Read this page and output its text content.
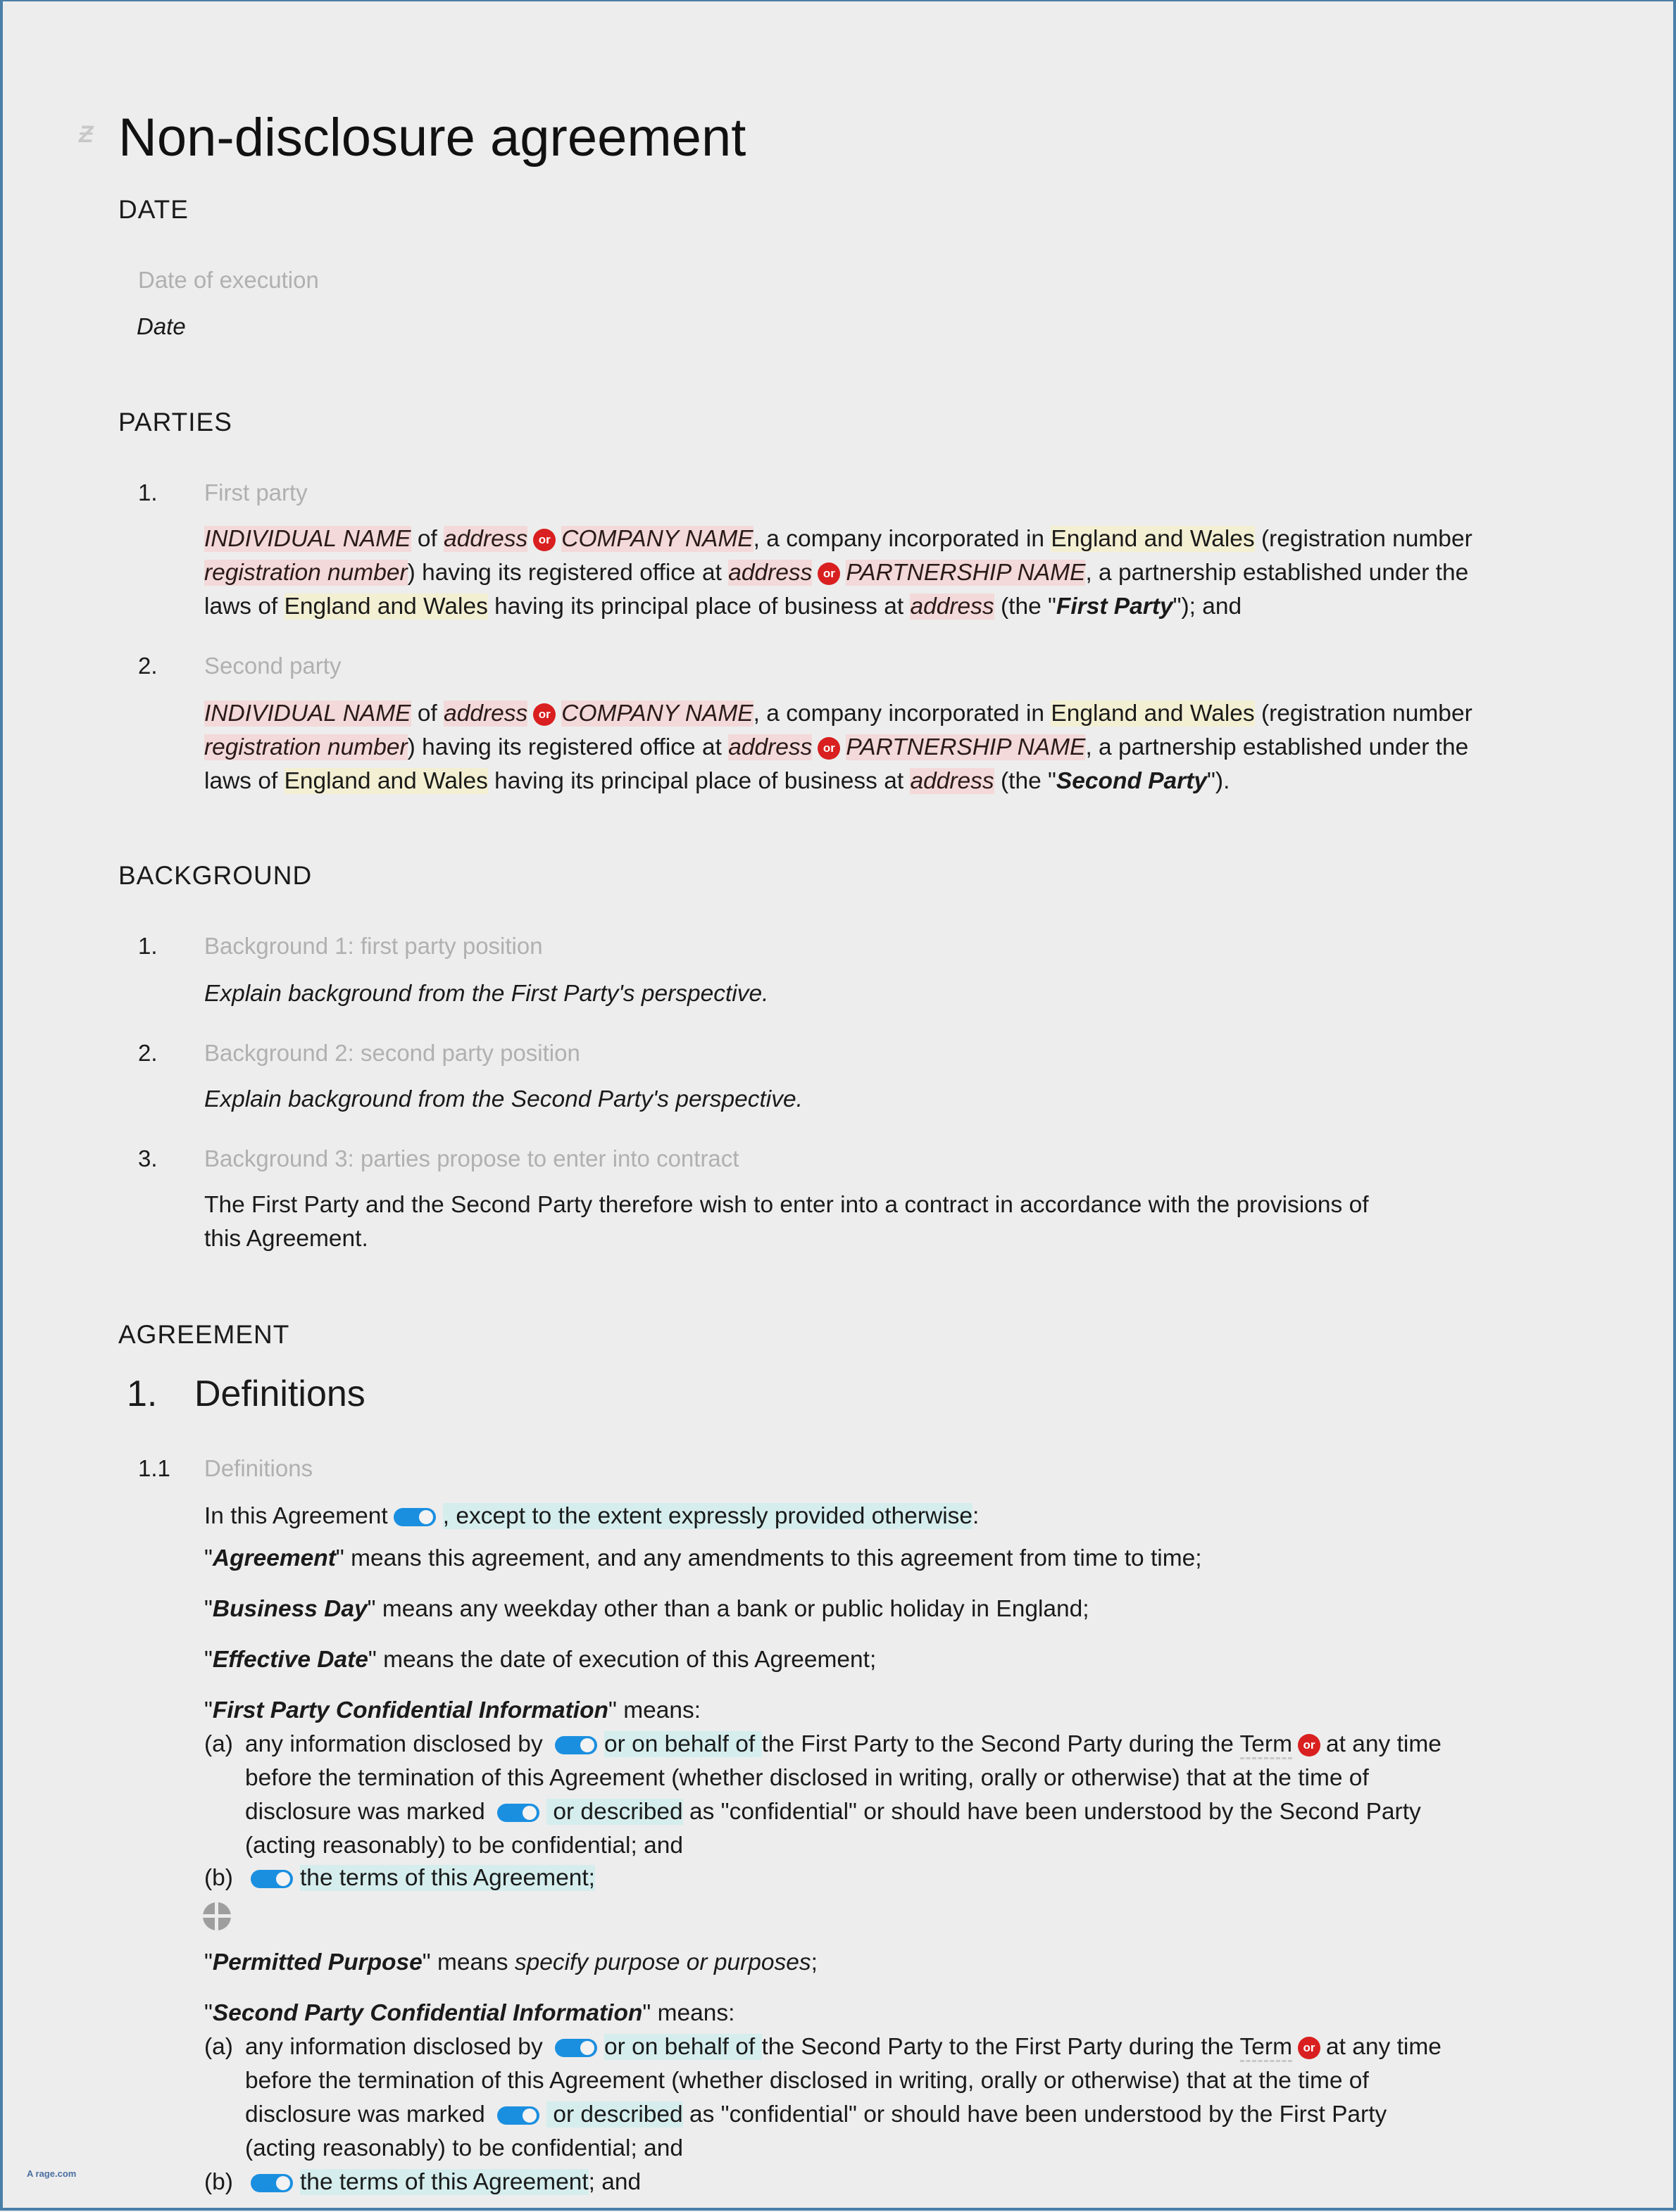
Ƶ Non-disclosure agreement
DATE
Date of execution
Date
PARTIES
1. First party
INDIVIDUAL NAME of address or COMPANY NAME, a company incorporated in England and Wales (registration number
registration number) having its registered office at address or PARTNERSHIP NAME, a partnership established under the
laws of England and Wales having its principal place of business at address (the "First Party"); and
2. Second party
INDIVIDUAL NAME of address or COMPANY NAME, a company incorporated in England and Wales (registration number
registration number) having its registered office at address or PARTNERSHIP NAME, a partnership established under the
laws of England and Wales having its principal place of business at address (the "Second Party").
BACKGROUND
1. Background 1: first party position
Explain background from the First Party's perspective.
2. Background 2: second party position
Explain background from the Second Party's perspective.
3. Background 3: parties propose to enter into contract
The First Party and the Second Party therefore wish to enter into a contract in accordance with the provisions of
this Agreement.
AGREEMENT
1. Definitions
1.1 Definitions
In this Agreement , except to the extent expressly provided otherwise:
"Agreement" means this agreement, and any amendments to this agreement from time to time;
"Business Day" means any weekday other than a bank or public holiday in England;
"Effective Date" means the date of execution of this Agreement;
"First Party Confidential Information" means:
(a) any information disclosed by or on behalf of the First Party to the Second Party during the Term or at any time
before the termination of this Agreement (whether disclosed in writing, orally or otherwise) that at the time of
disclosure was marked  or described as "confidential" or should have been understood by the Second Party
(acting reasonably) to be confidential; and
(b)	the terms of this Agreement;
"Permitted Purpose" means specify purpose or purposes;
"Second Party Confidential Information" means:
(a) any information disclosed by or on behalf of the Second Party to the First Party during the Term or at any time
before the termination of this Agreement (whether disclosed in writing, orally or otherwise) that at the time of
disclosure was marked  or described as "confidential" or should have been understood by the First Party
(acting reasonably) to be confidential; and
(b)	the terms of this Agreement; and
A rage.com
